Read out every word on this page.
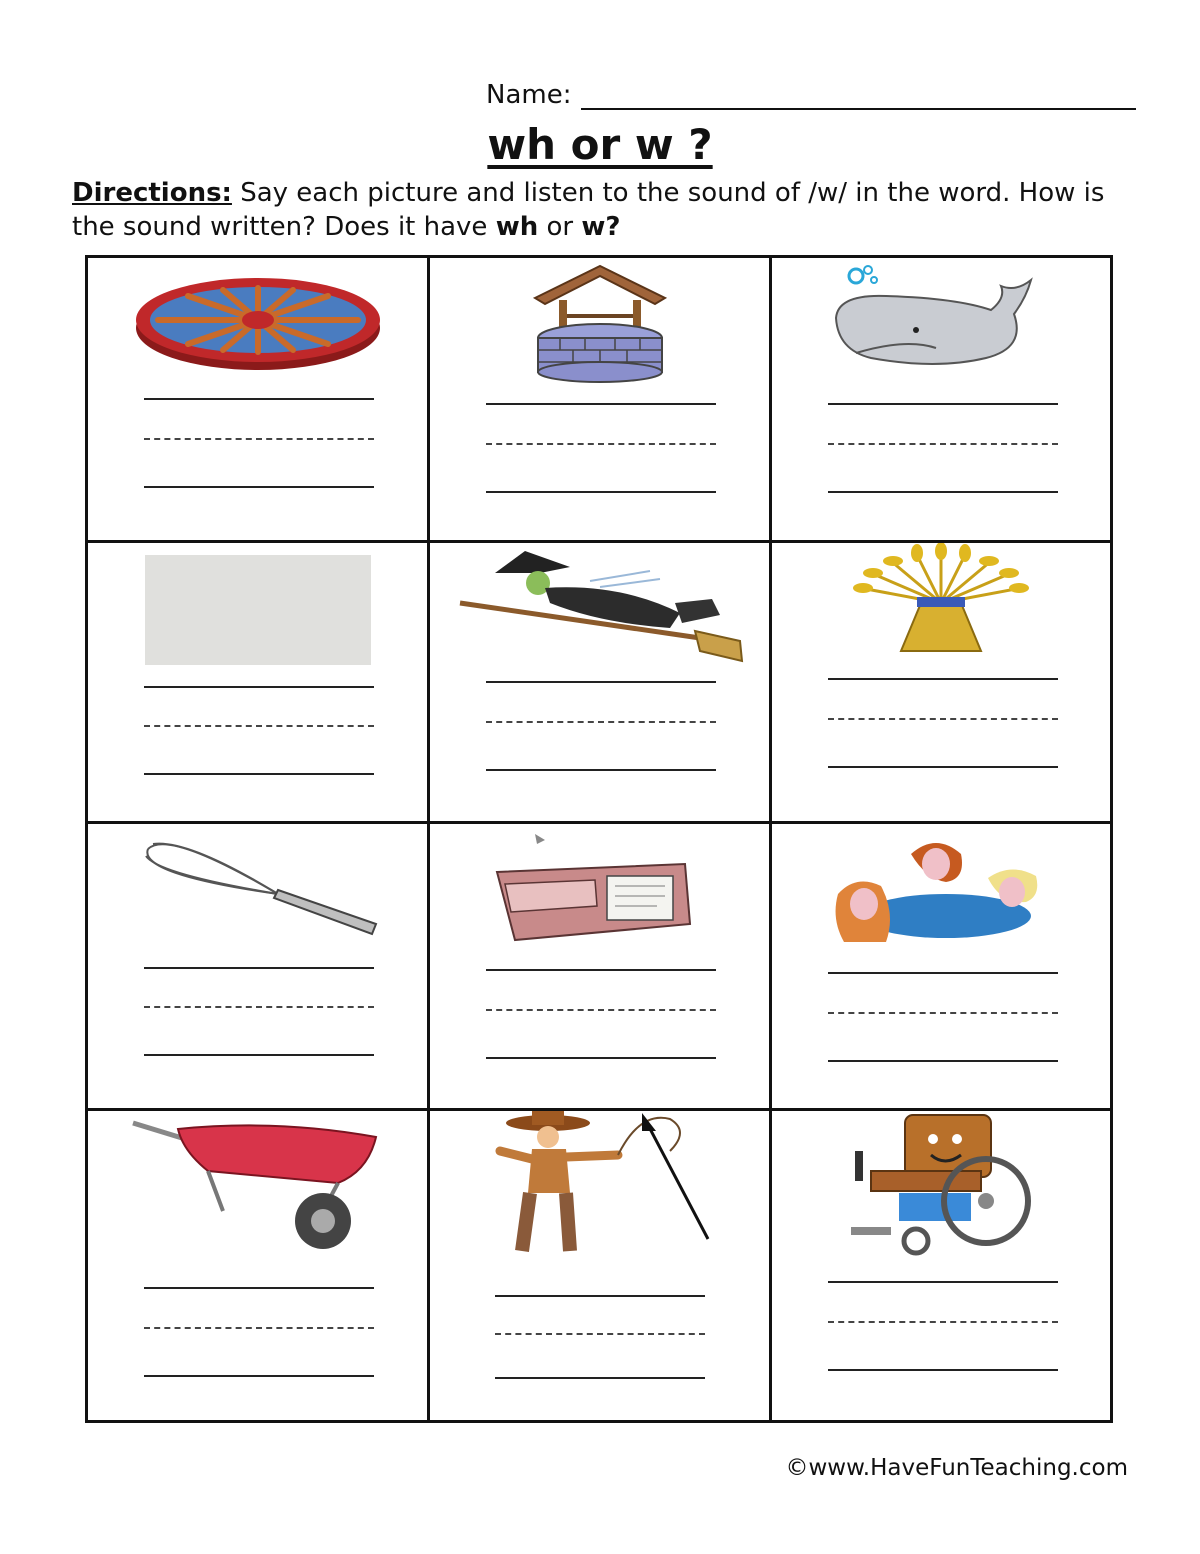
Name:
wh or w ?
Directions: Say each picture and listen to the sound of /w/ in the word. How is the sound written? Does it have wh or w?
©www.HaveFunTeaching.com
